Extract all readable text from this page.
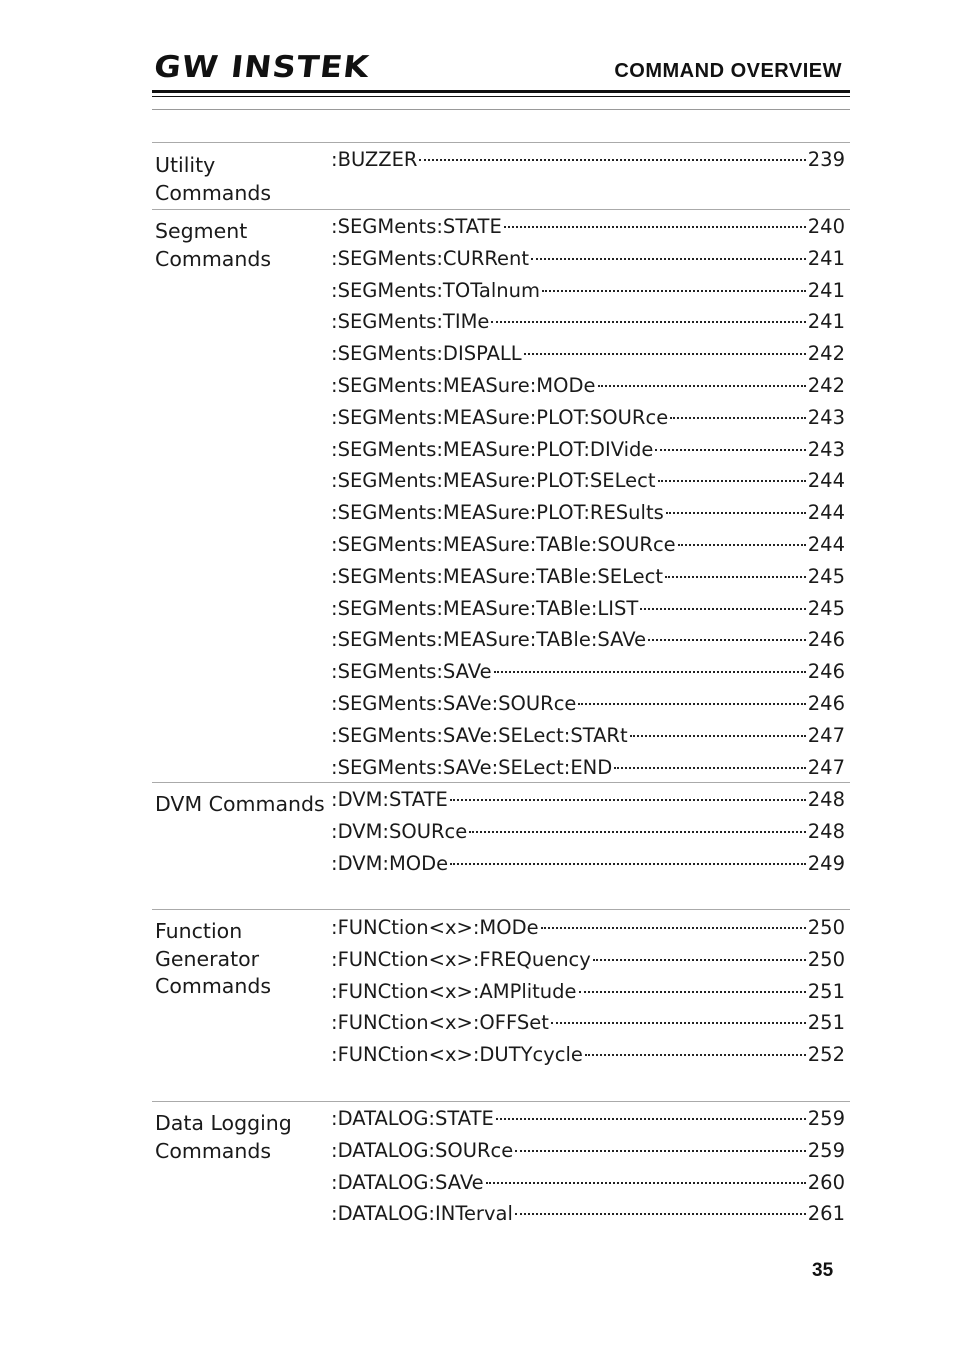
GW INSTEK	COMMAND OVERVIEW
Utility Commands
:BUZZER	239
Segment Commands
:SEGMents:STATE	240
:SEGMents:CURRent	241
:SEGMents:TOTalnum	241
:SEGMents:TIMe	241
:SEGMents:DISPALL	242
:SEGMents:MEASure:MODe	242
:SEGMents:MEASure:PLOT:SOURce	243
:SEGMents:MEASure:PLOT:DIVide	243
:SEGMents:MEASure:PLOT:SELect	244
:SEGMents:MEASure:PLOT:RESults	244
:SEGMents:MEASure:TABle:SOURce	244
:SEGMents:MEASure:TABle:SELect	245
:SEGMents:MEASure:TABle:LIST	245
:SEGMents:MEASure:TABle:SAVe	246
:SEGMents:SAVe	246
:SEGMents:SAVe:SOURce	246
:SEGMents:SAVe:SELect:STARt	247
:SEGMents:SAVe:SELect:END	247
DVM Commands :DVM:STATE	248
:DVM:SOURce	248
:DVM:MODe	249
Function Generator Commands
:FUNCtion<x>:MODe	250
:FUNCtion<x>:FREQuency	250
:FUNCtion<x>:AMPlitude	251
:FUNCtion<x>:OFFSet	251
:FUNCtion<x>:DUTYcycle	252
Data Logging Commands
:DATALOG:STATE	259
:DATALOG:SOURce	259
:DATALOG:SAVe	260
:DATALOG:INTerval	261
35
